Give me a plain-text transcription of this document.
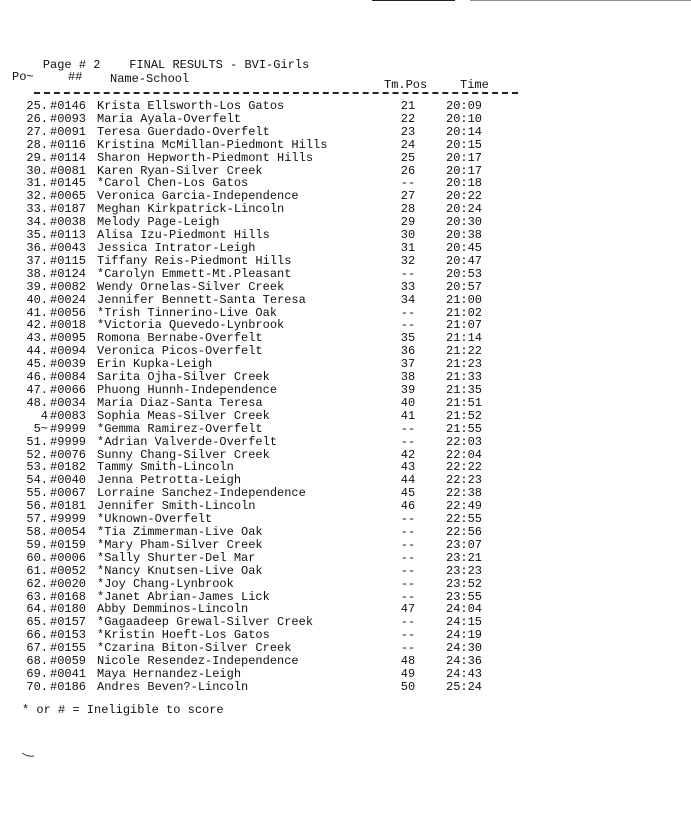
Page # 2 FINAL RESULTS - BVI-Girls

Po~	## Name-School	Tm.Pos	Time
25. #0146 Krista Ellsworth-Los Gatos	21	20:09
26. #0093 Maria Ayala-Overfelt	22	20:10
27. #0091 Teresa Guerdado-Overfelt	23	20:14
28. #0116 Kristina McMillan-Piedmont Hills	24	20:15
29. #0114 Sharon Hepworth-Piedmont Hills	25	20:17
30. #0081 Karen Ryan-Silver Creek	26	20:17
31. #0145 *Carol Chen-Los Gatos	--	20:18
32. #0065 Veronica Garcia-Independence	27	20:22
33. #0187 Meghan Kirkpatrick-Lincoln	28	20:24
34. #0038 Melody Page-Leigh	29	20:30
35. #0113 Alisa Izu-Piedmont Hills	30	20:38
36. #0043 Jessica Intrator-Leigh	31	20:45
37. #0115 Tiffany Reis-Piedmont Hills	32	20:47
38. #0124 *Carolyn Emmett-Mt.Pleasant	--	20:53
39. #0082 Wendy Ornelas-Silver Creek	33	20:57
40. #0024 Jennifer Bennett-Santa Teresa	34	21:00
41. #0056 *Trish Tinnerino-Live Oak	--	21:02
42. #0018 *Victoria Quevedo-Lynbrook	--	21:07
43. #0095 Romona Bernabe-Overfelt	35	21:14
44. #0094 Veronica Picos-Overfelt	36	21:22
45. #0039 Erin Kupka-Leigh	37	21:23
46. #0084 Sarita Ojha-Silver Creek	38	21:33
47. #0066 Phuong Hunnh-Independence	39	21:35
48. #0034 Maria Diaz-Santa Teresa	40	21:51
4 #0083 Sophia Meas-Silver Creek	41	21:52
5~ #9999 *Gemma Ramirez-Overfelt	--	21:55
51. #9999 *Adrian Valverde-Overfelt	--	22:03
52. #0076 Sunny Chang-Silver Creek	42	22:04
53. #0182 Tammy Smith-Lincoln	43	22:22
54. #0040 Jenna Petrotta-Leigh	44	22:23
55. #0067 Lorraine Sanchez-Independence	45	22:38
56. #0181 Jennifer Smith-Lincoln	46	22:49
57. #9999 *Uknown-Overfelt	--	22:55
58. #0054 *Tia Zimmerman-Live Oak	--	22:56
59. #0159 *Mary Pham-Silver Creek	--	23:07
60. #0006 *Sally Shurter-Del Mar	--	23:21
61. #0052 *Nancy Knutsen-Live Oak	--	23:23
62. #0020 *Joy Chang-Lynbrook	--	23:52
63. #0168 *Janet Abrian-James Lick	--	23:55
64. #0180 Abby Demminos-Lincoln	47	24:04
65. #0157 *Gagaadeep Grewal-Silver Creek	--	24:15
66. #0153 *Kristin Hoeft-Los Gatos	--	24:19
67. #0155 *Czarina Biton-Silver Creek	--	24:30
68. #0059 Nicole Resendez-Independence	48	24:36
69. #0041 Maya Hernandez-Leigh	49	24:43
70. #0186 Andres Beven?-Lincoln	50	25:24
* or # = Ineligible to score
